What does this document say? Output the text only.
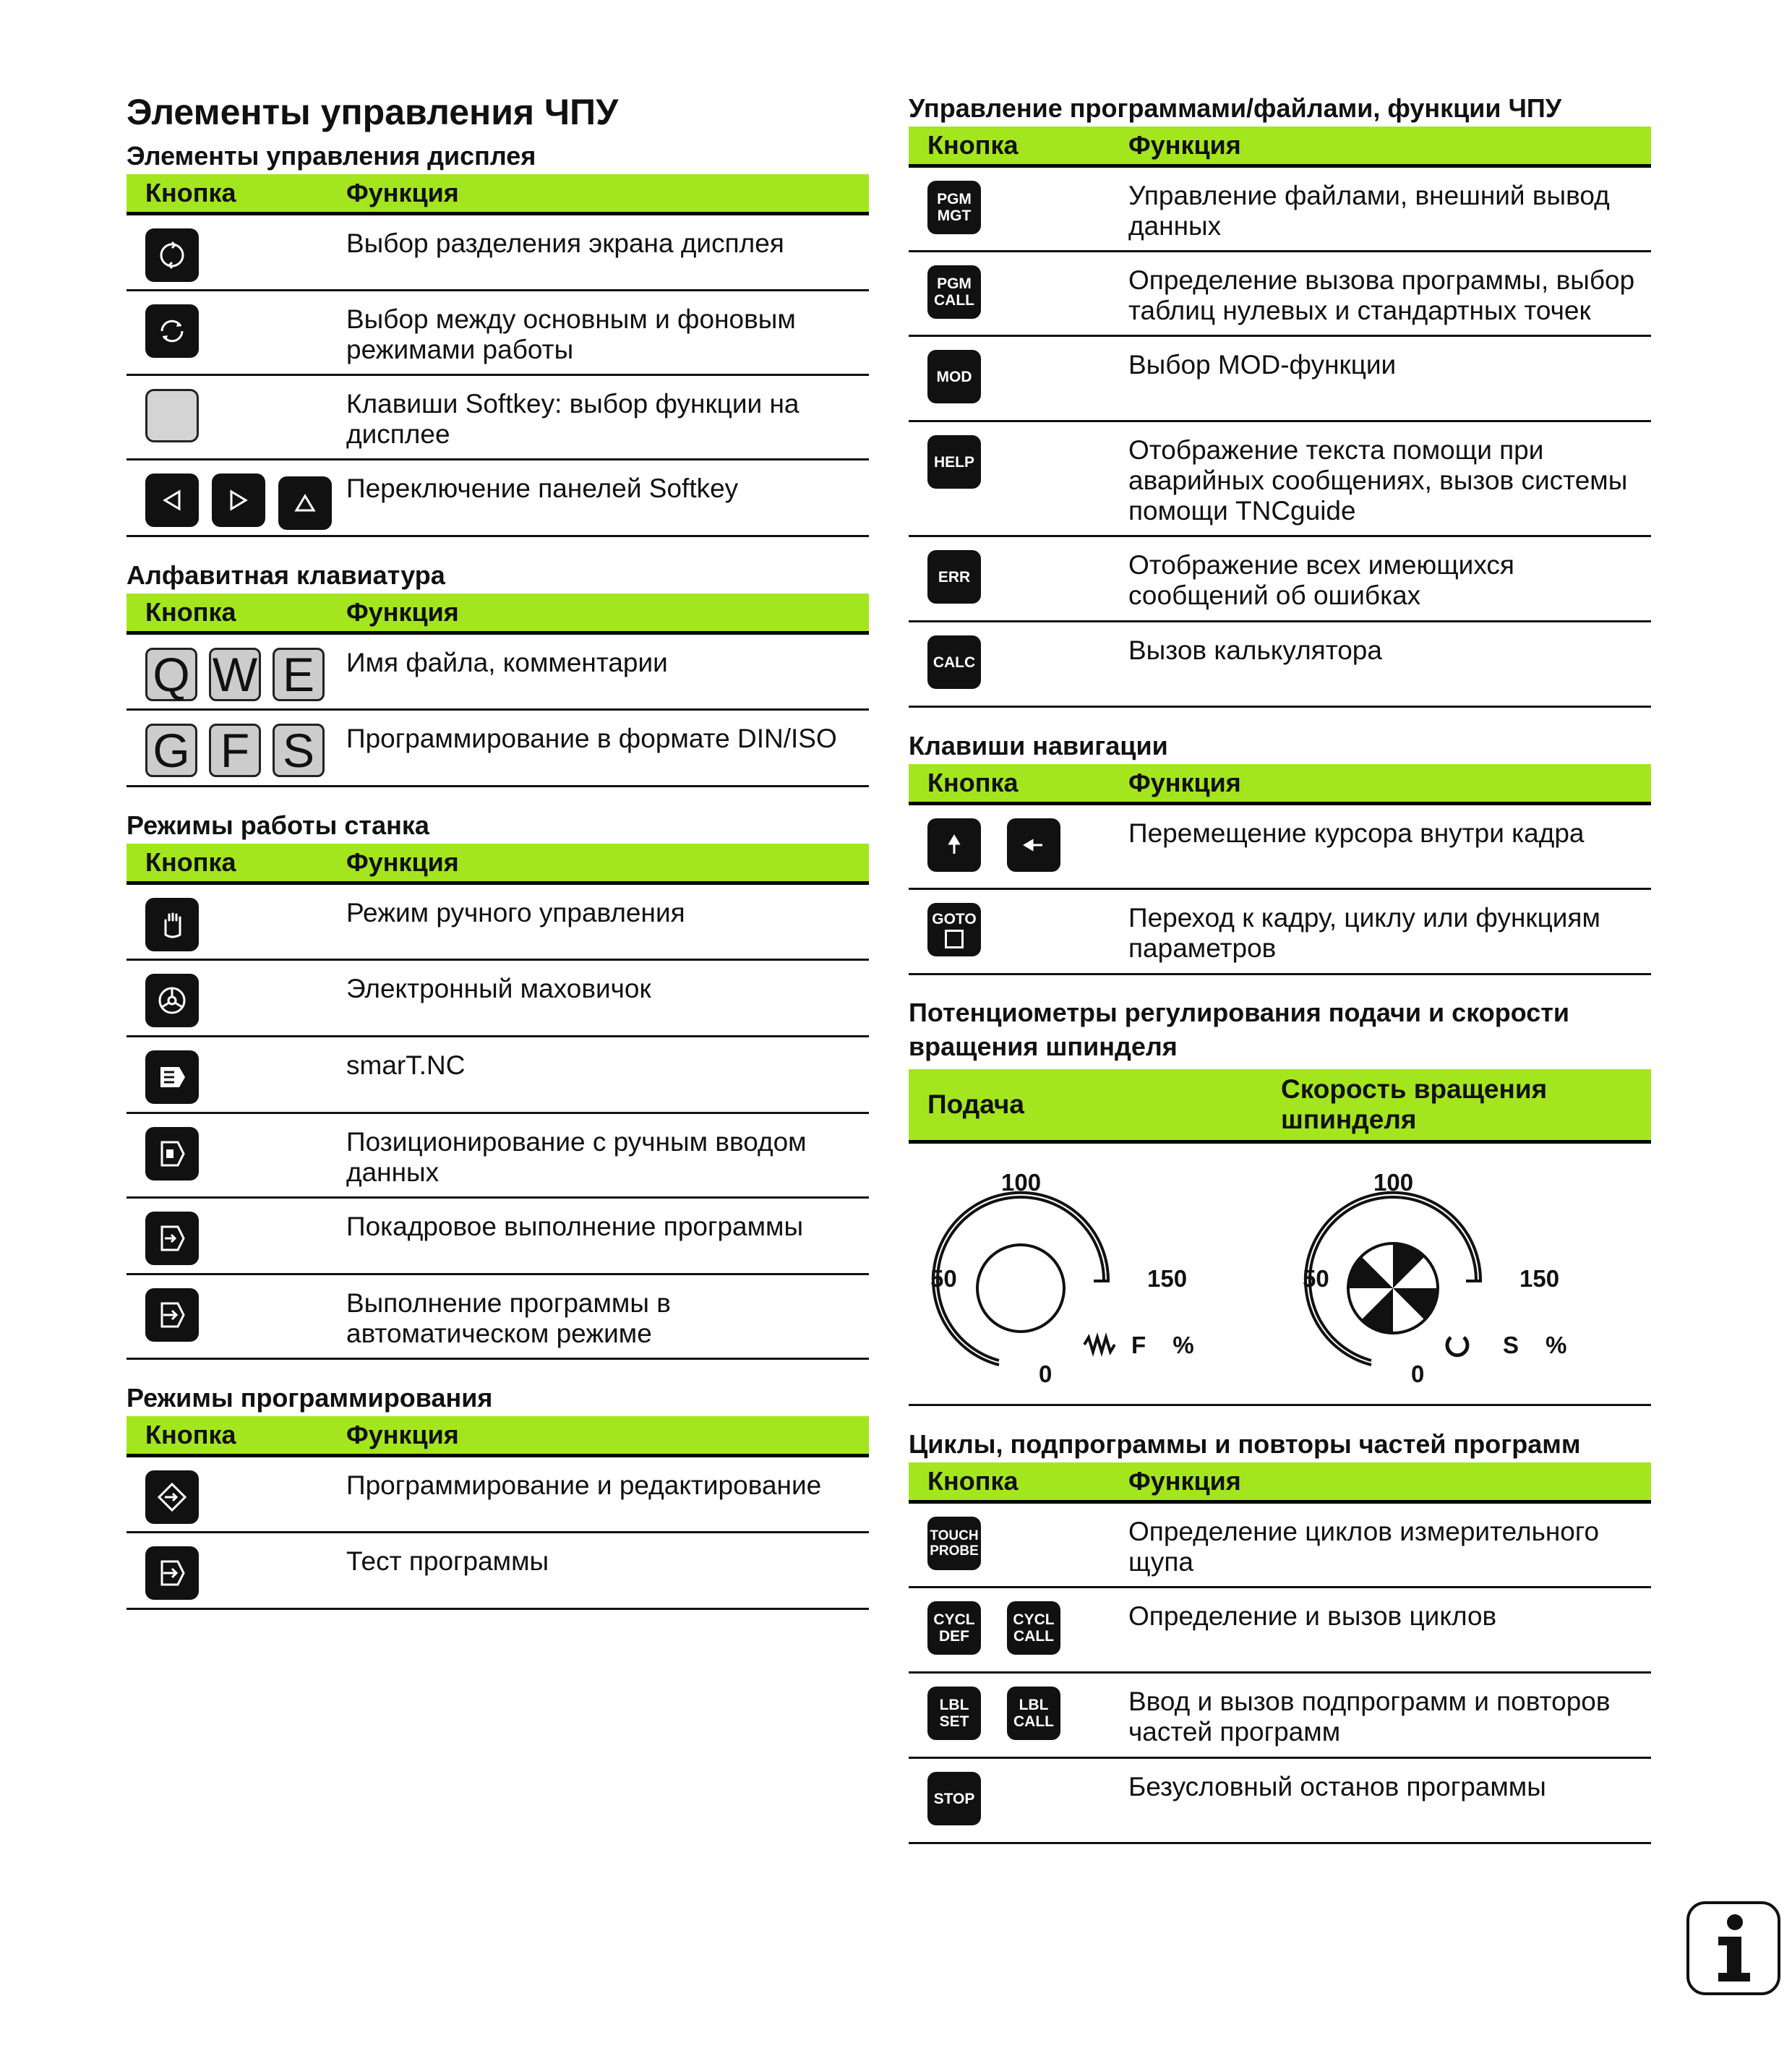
Элементы управления ЧПУ
Элементы управления дисплея
Кнопка	Функция

	Выбор разделения экрана дисплея

	Выбор между основным и фоновым режимами работы

	Клавиши Softkey: выбор функции на дисплее

	Переключение панелей Softkey
Алфавитная клавиатура
Кнопка	Функция

Q W E	Имя файла, комментарии

G F S	Программирование в формате DIN/ISO
Режимы работы станка
Кнопка	Функция

	Режим ручного управления

	Электронный маховичок

	smarT.NC

	Позиционирование с ручным вводом данных

	Покадровое выполнение программы

	Выполнение программы в автоматическом режиме
Режимы программирования
Кнопка	Функция

	Программирование и редактирование

	Тест программы
Управление программами/файлами, функции ЧПУ
Кнопка	Функция

PGM
MGT	Управление файлами, внешний вывод данных

PGM
CALL	Определение вызова программы, выбор таблиц нулевых и стандартных точек

MOD	Выбор MOD-функции

HELP	Отображение текста помощи при аварийных сообщениях, вызов системы помощи TNCguide

ERR	Отображение всех имеющихся сообщений об ошибках

CALC	Вызов калькулятора
Клавиши навигации
Кнопка	Функция

	Перемещение курсора внутри кадра

GOTO	Переход к кадру, циклу или функциям параметров
Потенциометры регулирования подачи и скорости вращения шпинделя
Подача
Скорость вращения шпинделя
100
50	150
0
F %
100
50	150
0
S %
Циклы, подпрограммы и повторы частей программ
Кнопка	Функция

TOUCH
PROBE	Определение циклов измерительного щупа

CYCL
DEF
CYCL
CALL	Определение и вызов циклов

LBL
SET
LBL
CALL	Ввод и вызов подпрограмм и повторов частей программ

STOP	Безусловный останов программы
